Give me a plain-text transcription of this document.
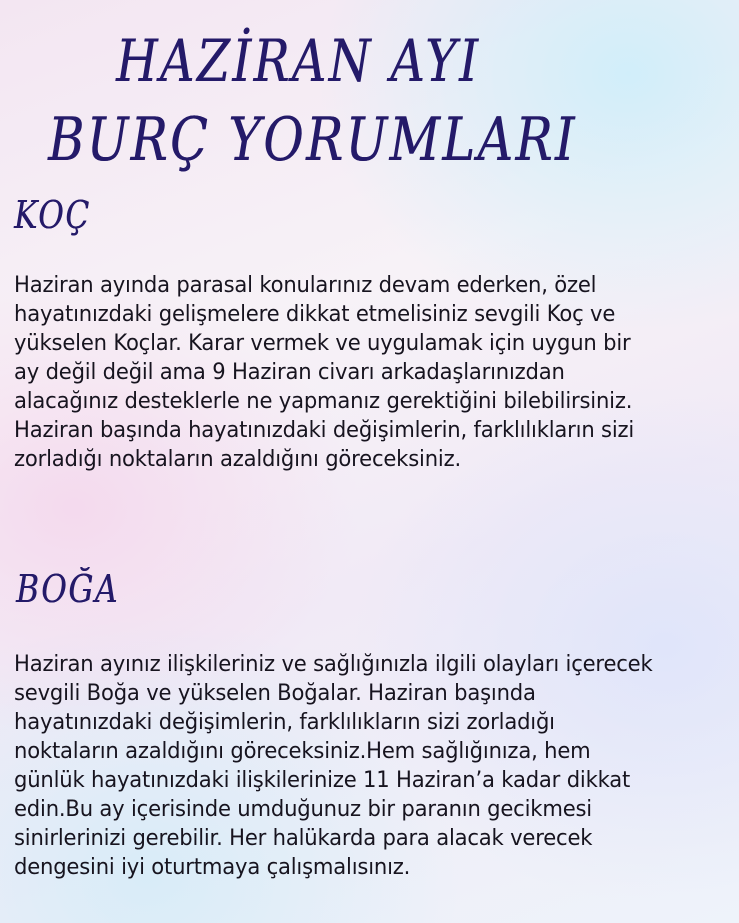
HAZİRAN AYI
BURÇ YORUMLARI
KOÇ

Haziran ayında parasal konularınız devam ederken, özel
hayatınızdaki gelişmelere dikkat etmelisiniz sevgili Koç ve
yükselen Koçlar. Karar vermek ve uygulamak için uygun bir
ay değil değil ama 9 Haziran civarı arkadaşlarınızdan
alacağınız desteklerle ne yapmanız gerektiğini bilebilirsiniz.
Haziran başında hayatınızdaki değişimlerin, farklılıkların sizi
zorladığı noktaların azaldığını göreceksiniz.

BOĞA

Haziran ayınız ilişkileriniz ve sağlığınızla ilgili olayları içerecek
sevgili Boğa ve yükselen Boğalar. Haziran başında
hayatınızdaki değişimlerin, farklılıkların sizi zorladığı
noktaların azaldığını göreceksiniz.Hem sağlığınıza, hem
günlük hayatınızdaki ilişkilerinize 11 Haziran’a kadar dikkat
edin.Bu ay içerisinde umduğunuz bir paranın gecikmesi
sinirlerinizi gerebilir. Her halükarda para alacak verecek
dengesini iyi oturtmaya çalışmalısınız.
